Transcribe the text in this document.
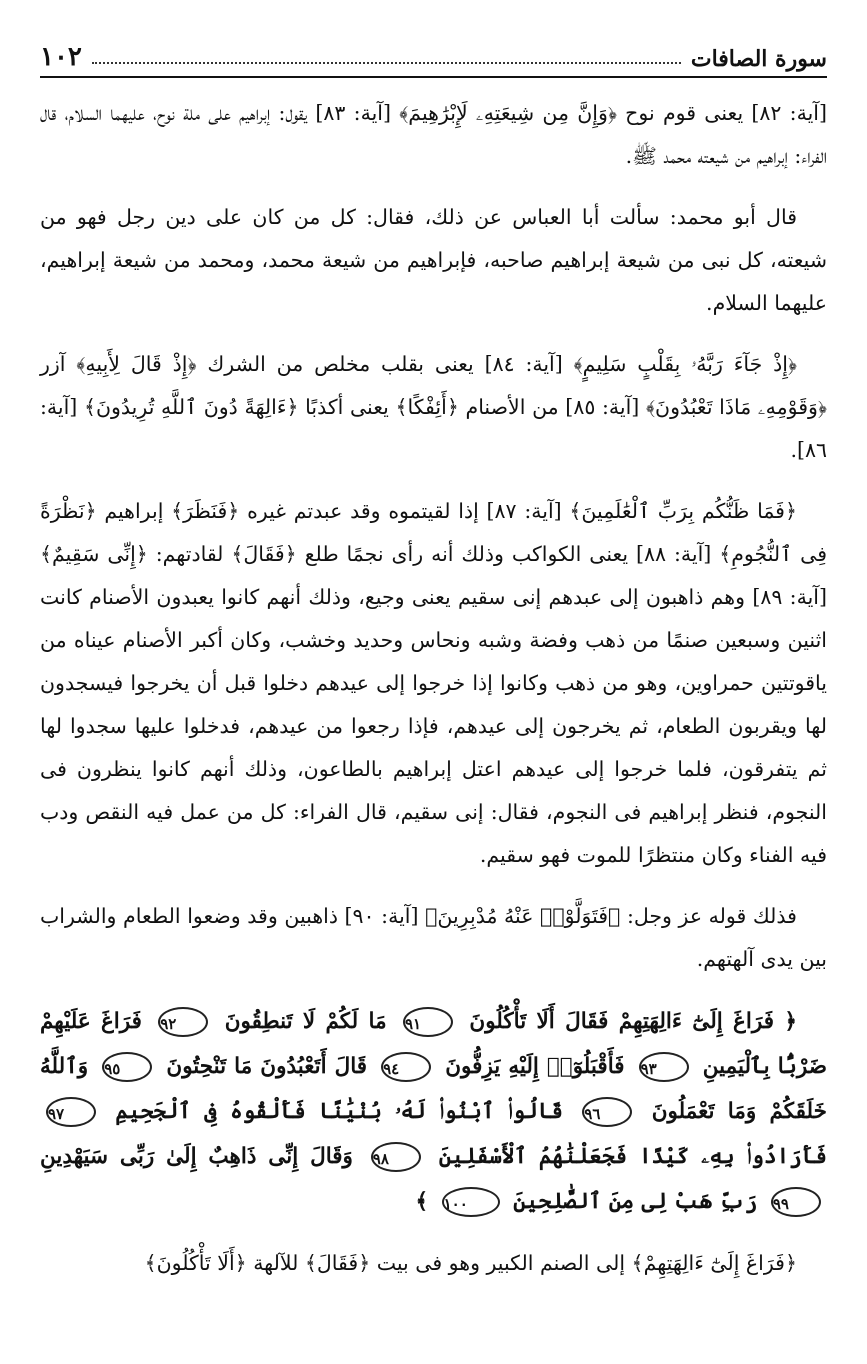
سورة الصافات
١٠٢

[آية: ٨٢] يعنى قوم نوح ﴿وَإِنَّ مِن شِيعَتِهِۦ لَإِبْرَٰهِيمَ﴾ [آية: ٨٣] يقول: إبراهيم على ملة نوح، عليهما السلام، قال الفراء: إبراهيم من شيعته محمد ﷺ.

قال أبو محمد: سألت أبا العباس عن ذلك، فقال: كل من كان على دين رجل فهو من شيعته، كل نبى من شيعة إبراهيم صاحبه، فإبراهيم من شيعة محمد، ومحمد من شيعة إبراهيم، عليهما السلام.

﴿إِذْ جَآءَ رَبَّهُۥ بِقَلْبٍ سَلِيمٍ﴾ [آية: ٨٤] يعنى بقلب مخلص من الشرك ﴿إِذْ قَالَ لِأَبِيهِ﴾ آزر ﴿وَقَوْمِهِۦ مَاذَا تَعْبُدُونَ﴾ [آية: ٨٥] من الأصنام ﴿أَئِفْكًا﴾ يعنى أكذبًا ﴿ءَالِهَةً دُونَ ٱللَّهِ تُرِيدُونَ﴾ [آية: ٨٦].

﴿فَمَا ظَنُّكُم بِرَبِّ ٱلْعَٰلَمِينَ﴾ [آية: ٨٧] إذا لقيتموه وقد عبدتم غيره ﴿فَنَظَرَ﴾ إبراهيم ﴿نَظْرَةً فِى ٱلنُّجُومِ﴾ [آية: ٨٨] يعنى الكواكب وذلك أنه رأى نجمًا طلع ﴿فَقَالَ﴾ لقادتهم: ﴿إِنِّى سَقِيمٌ﴾ [آية: ٨٩] وهم ذاهبون إلى عبدهم إنى سقيم يعنى وجيع، وذلك أنهم كانوا يعبدون الأصنام كانت اثنين وسبعين صنمًا من ذهب وفضة وشبه ونحاس وحديد وخشب، وكان أكبر الأصنام عيناه من ياقوتتين حمراوين، وهو من ذهب وكانوا إذا خرجوا إلى عيدهم دخلوا قبل أن يخرجوا فيسجدون لها ويقربون الطعام، ثم يخرجون إلى عيدهم، فإذا رجعوا من عيدهم، فدخلوا عليها سجدوا لها ثم يتفرقون، فلما خرجوا إلى عيدهم اعتل إبراهيم بالطاعون، وذلك أنهم كانوا ينظرون فى النجوم، فنظر إبراهيم فى النجوم، فقال: إنى سقيم، قال الفراء: كل من عمل فيه النقص ودب فيه الفناء وكان منتظرًا للموت فهو سقيم.

فذلك قوله عز وجل: ﴿فَتَوَلَّوْا۟ عَنْهُ مُدْبِرِينَ﴾ [آية: ٩٠] ذاهبين وقد وضعوا الطعام والشراب بين يدى آلهتهم.

﴿ فَرَاغَ إِلَىٰٓ ءَالِهَتِهِمْ فَقَالَ أَلَا تَأْكُلُونَ ٩١ مَا لَكُمْ لَا تَنطِقُونَ ٩٢ فَرَاغَ عَلَيْهِمْ ضَرْبًۢا بِٱلْيَمِينِ ٩٣ فَأَقْبَلُوٓا۟ إِلَيْهِ يَزِفُّونَ ٩٤ قَالَ أَتَعْبُدُونَ مَا تَنْحِتُونَ ٩٥ وَٱللَّهُ خَلَقَكُمْ وَمَا تَعْمَلُونَ ٩٦ قَالُوا۟ ٱبْنُوا۟ لَهُۥ بُنْيَٰنًا فَأَلْقُوهُ فِى ٱلْجَحِيمِ ٩٧ فَأَرَادُوا۟ بِهِۦ كَيْدًا فَجَعَلْنَٰهُمُ ٱلْأَسْفَلِينَ ٩٨ وَقَالَ إِنِّى ذَاهِبٌ إِلَىٰ رَبِّى سَيَهْدِينِ ٩٩ رَبِّ هَبْ لِى مِنَ ٱلصَّٰلِحِينَ ١٠٠ ﴾

﴿فَرَاغَ إِلَىٰٓ ءَالِهَتِهِمْ﴾ إلى الصنم الكبير وهو فى بيت ﴿فَقَالَ﴾ للآلهة ﴿أَلَا تَأْكُلُونَ﴾
